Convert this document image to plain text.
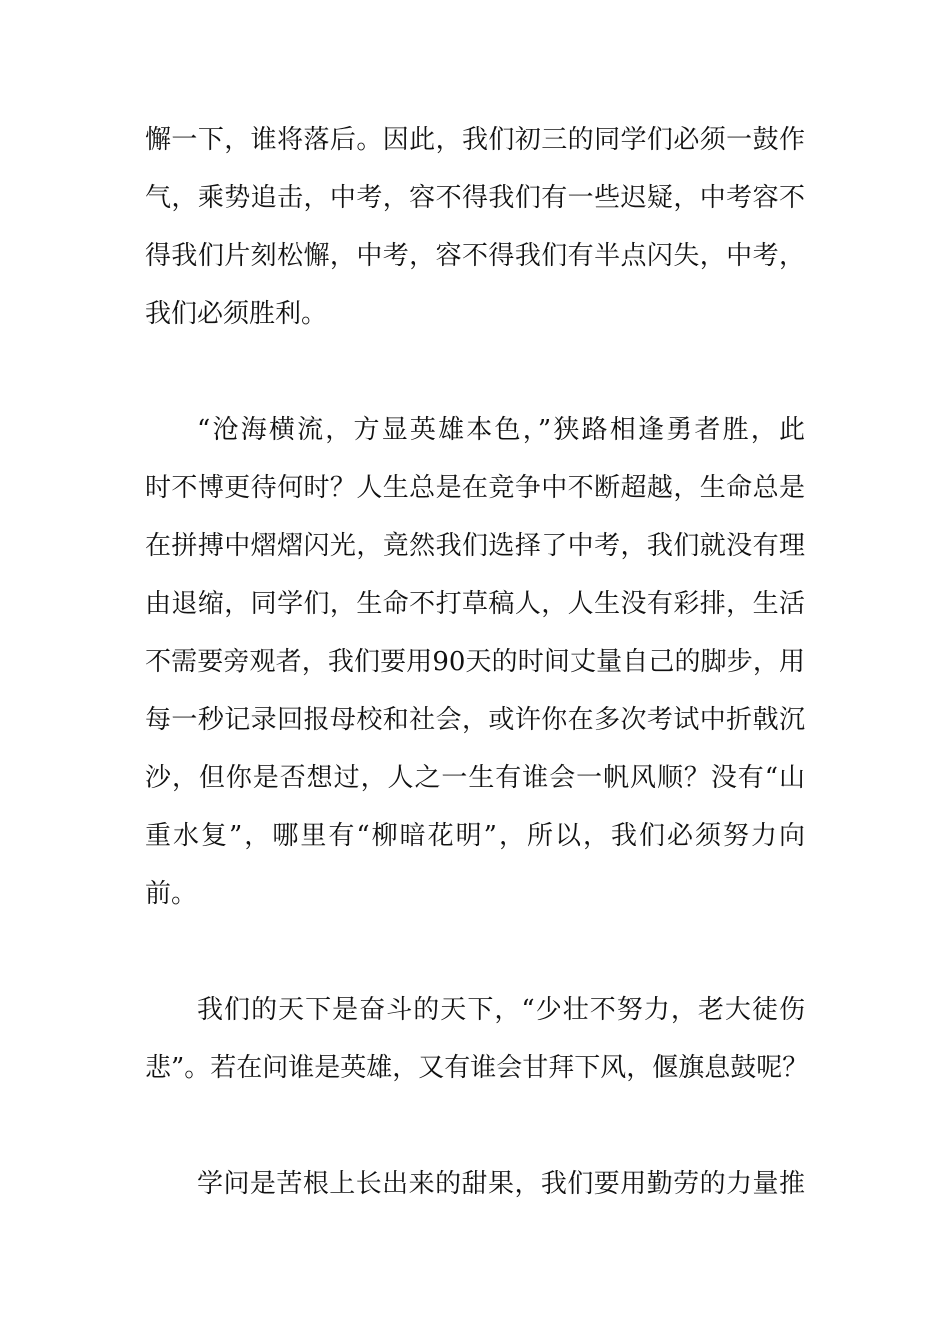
懈一下，谁将落后。因此，我们初三的同学们必须一鼓作
气，乘势追击，中考，容不得我们有一些迟疑，中考容不
得我们片刻松懈，中考，容不得我们有半点闪失，中考，
我们必须胜利。
“沧海横流，方显英雄本色，”狭路相逢勇者胜，此
时不博更待何时？人生总是在竞争中不断超越，生命总是
在拼搏中熠熠闪光，竟然我们选择了中考，我们就没有理
由退缩，同学们，生命不打草稿人，人生没有彩排，生活
不需要旁观者，我们要用90天的时间丈量自己的脚步，用
每一秒记录回报母校和社会，或许你在多次考试中折戟沉
沙，但你是否想过，人之一生有谁会一帆风顺？没有“山
重水复”，哪里有“柳暗花明”，所以，我们必须努力向
前。
我们的天下是奋斗的天下，“少壮不努力，老大徒伤
悲”。若在问谁是英雄，又有谁会甘拜下风，偃旗息鼓呢？
学问是苦根上长出来的甜果，我们要用勤劳的力量推
